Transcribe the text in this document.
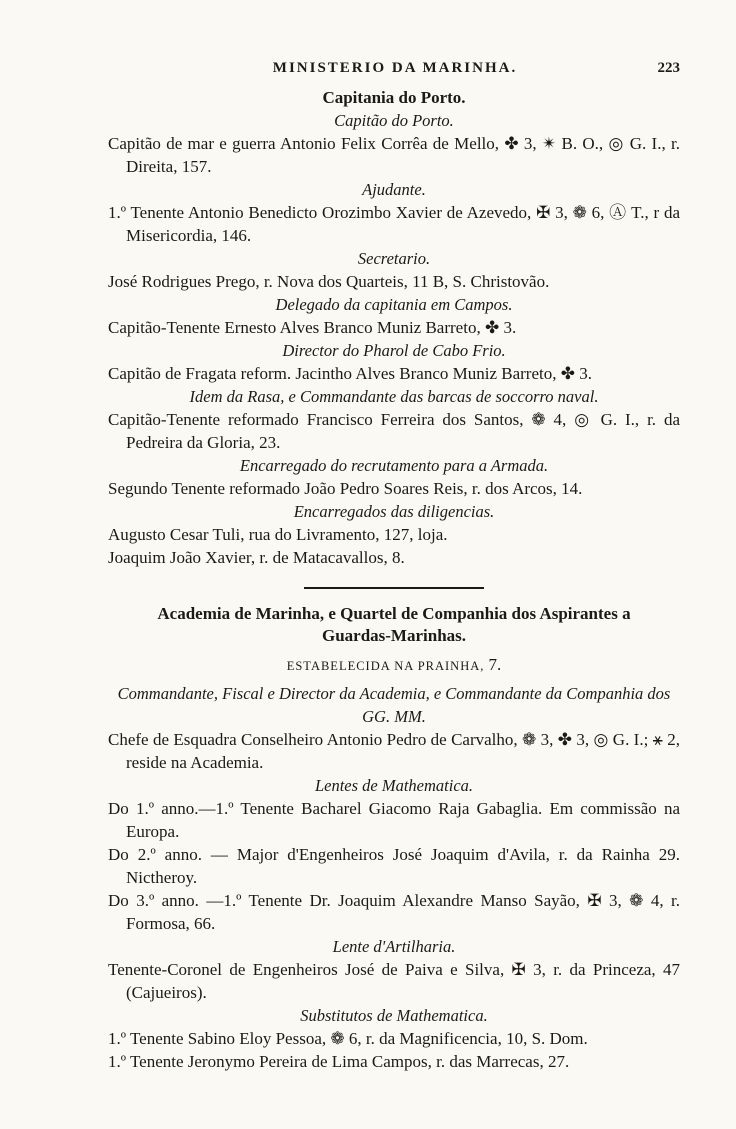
MINISTERIO DA MARINHA.	223
Capitania do Porto.
Capitão do Porto.
Capitão de mar e guerra Antonio Felix Corrêa de Mello, ✤ 3, ✴ B. O., ◎ G. I., r. Direita, 157.
Ajudante.
1.º Tenente Antonio Benedicto Orozimbo Xavier de Azevedo, ✠ 3, ❁ 6, Ⓐ T., r da Misericordia, 146.
Secretario.
José Rodrigues Prego, r. Nova dos Quarteis, 11 B, S. Christovão.
Delegado da capitania em Campos.
Capitão-Tenente Ernesto Alves Branco Muniz Barreto, ✤ 3.
Director do Pharol de Cabo Frio.
Capitão de Fragata reform. Jacintho Alves Branco Muniz Barreto, ✤ 3.
Idem da Rasa, e Commandante das barcas de soccorro naval.
Capitão-Tenente reformado Francisco Ferreira dos Santos, ❁ 4, ◎ G. I., r. da Pedreira da Gloria, 23.
Encarregado do recrutamento para a Armada.
Segundo Tenente reformado João Pedro Soares Reis, r. dos Arcos, 14.
Encarregados das diligencias.
Augusto Cesar Tuli, rua do Livramento, 127, loja.
Joaquim João Xavier, r. de Matacavallos, 8.
Academia de Marinha, e Quartel de Companhia dos Aspirantes a
Guardas-Marinhas.
ESTABELECIDA NA PRAINHA, 7.
Commandante, Fiscal e Director da Academia, e Commandante da Companhia dos GG. MM.
Chefe de Esquadra Conselheiro Antonio Pedro de Carvalho, ❁ 3, ✤ 3, ◎ G. I.; ⚹ 2, reside na Academia.
Lentes de Mathematica.
Do 1.º anno.—1.º Tenente Bacharel Giacomo Raja Gabaglia. Em commissão na Europa.
Do 2.º anno. — Major d'Engenheiros José Joaquim d'Avila, r. da Rainha 29. Nictheroy.
Do 3.º anno. —1.º Tenente Dr. Joaquim Alexandre Manso Sayão, ✠ 3, ❁ 4, r. Formosa, 66.
Lente d'Artilharia.
Tenente-Coronel de Engenheiros José de Paiva e Silva, ✠ 3, r. da Princeza, 47 (Cajueiros).
Substitutos de Mathematica.
1.º Tenente Sabino Eloy Pessoa, ❁ 6, r. da Magnificencia, 10, S. Dom.
1.º Tenente Jeronymo Pereira de Lima Campos, r. das Marrecas, 27.
